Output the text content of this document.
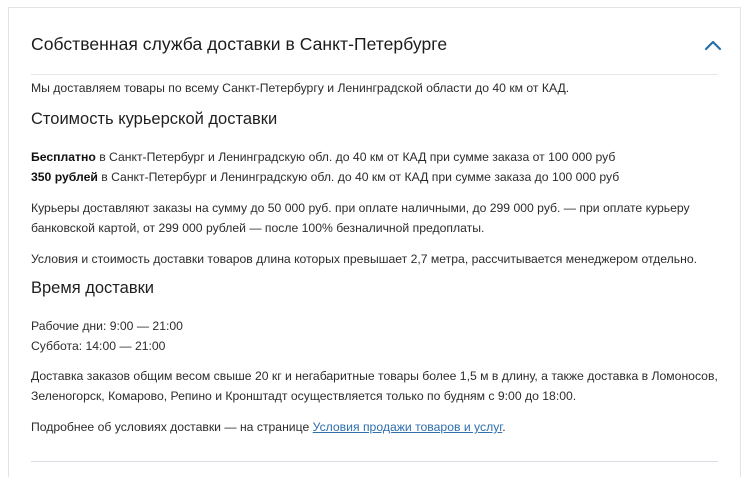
Собственная служба доставки в Санкт-Петербурге
Мы доставляем товары по всему Санкт-Петербургу и Ленинградской области до 40 км от КАД.
Стоимость курьерской доставки
Бесплатно в Санкт-Петербург и Ленинградскую обл. до 40 км от КАД при сумме заказа от 100 000 руб
350 рублей в Санкт-Петербург и Ленинградскую обл. до 40 км от КАД при сумме заказа до 100 000 руб
Курьеры доставляют заказы на сумму до 50 000 руб. при оплате наличными, до 299 000 руб. — при оплате курьеру
банковской картой, от 299 000 рублей — после 100% безналичной предоплаты.
Условия и стоимость доставки товаров длина которых превышает 2,7 метра, рассчитывается менеджером отдельно.
Время доставки
Рабочие дни: 9:00 — 21:00
Суббота: 14:00 — 21:00
Доставка заказов общим весом свыше 20 кг и негабаритные товары более 1,5 м в длину, а также доставка в Ломоносов,
Зеленогорск, Комарово, Репино и Кронштадт осуществляется только по будням с 9:00 до 18:00.
Подробнее об условиях доставки — на странице Условия продажи товаров и услуг.
